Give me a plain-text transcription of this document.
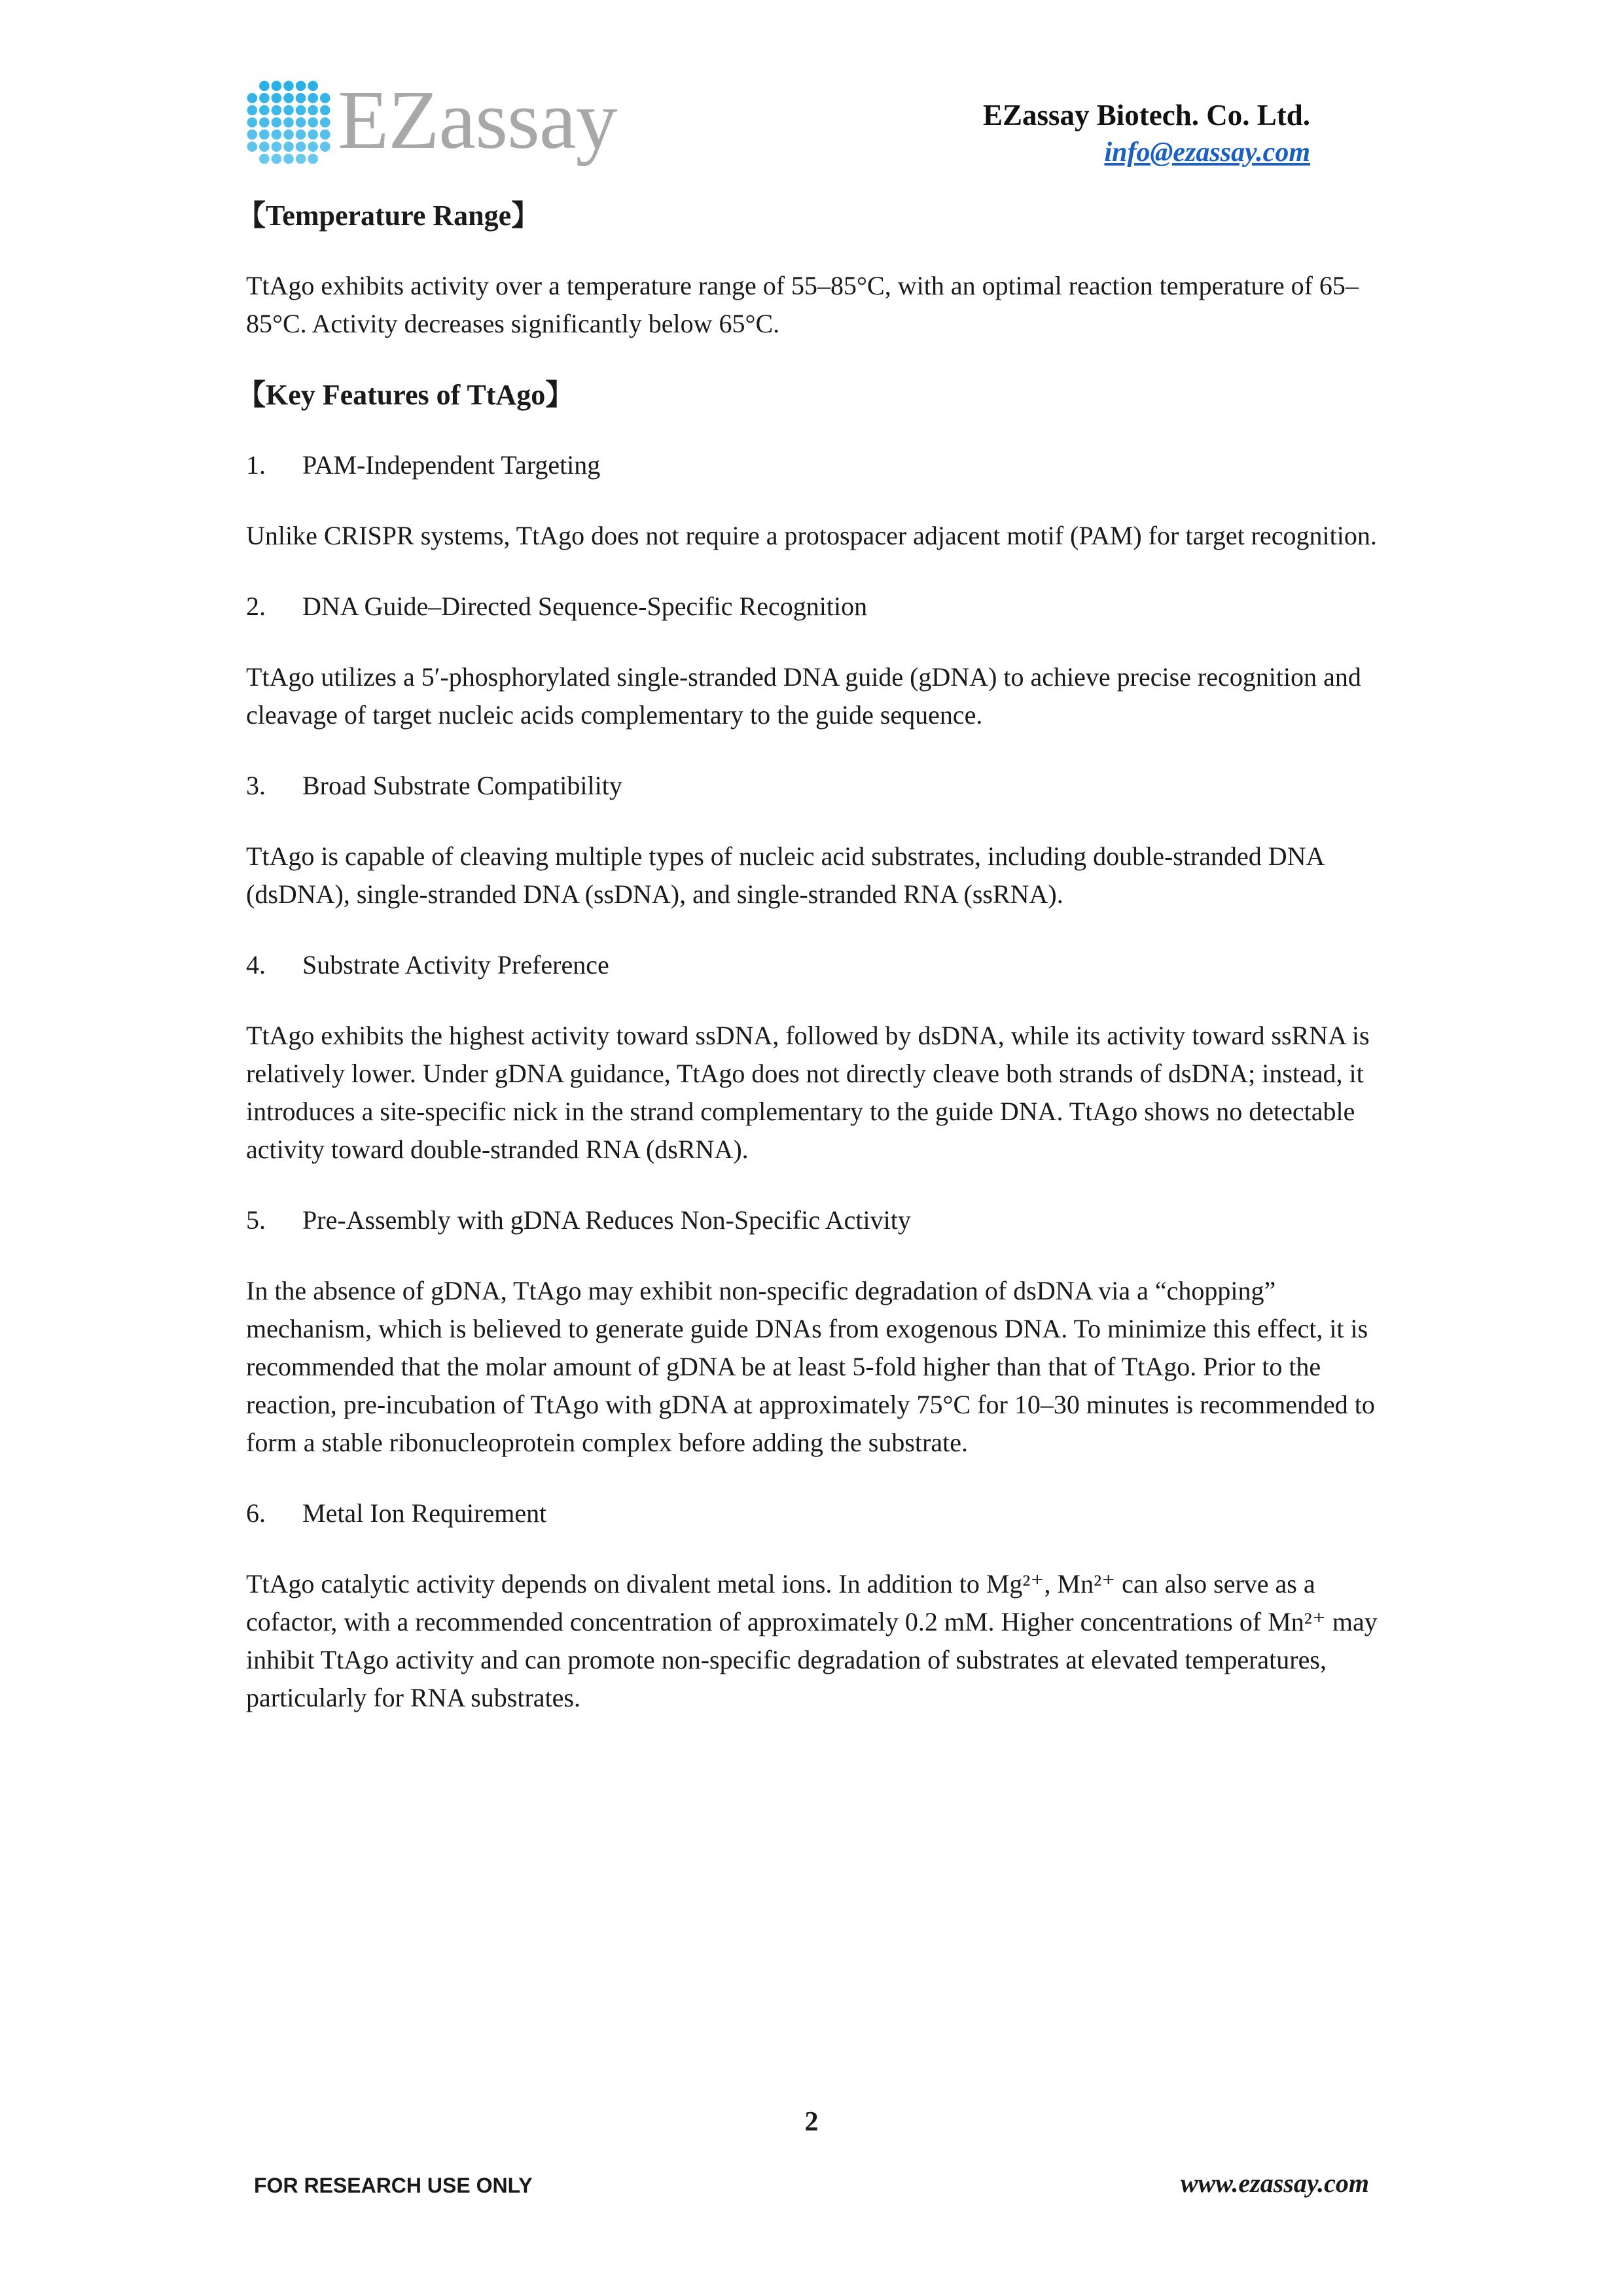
EZassay	EZassay Biotech. Co. Ltd.
info@ezassay.com
【Temperature Range】
TtAgo exhibits activity over a temperature range of 55–85°C, with an optimal reaction temperature of 65–85°C. Activity decreases significantly below 65°C.
【Key Features of TtAgo】
1. PAM-Independent Targeting
Unlike CRISPR systems, TtAgo does not require a protospacer adjacent motif (PAM) for target recognition.
2. DNA Guide–Directed Sequence-Specific Recognition
TtAgo utilizes a 5′-phosphorylated single-stranded DNA guide (gDNA) to achieve precise recognition and cleavage of target nucleic acids complementary to the guide sequence.
3. Broad Substrate Compatibility
TtAgo is capable of cleaving multiple types of nucleic acid substrates, including double-stranded DNA (dsDNA), single-stranded DNA (ssDNA), and single-stranded RNA (ssRNA).
4. Substrate Activity Preference
TtAgo exhibits the highest activity toward ssDNA, followed by dsDNA, while its activity toward ssRNA is relatively lower. Under gDNA guidance, TtAgo does not directly cleave both strands of dsDNA; instead, it introduces a site-specific nick in the strand complementary to the guide DNA. TtAgo shows no detectable activity toward double-stranded RNA (dsRNA).
5. Pre-Assembly with gDNA Reduces Non-Specific Activity
In the absence of gDNA, TtAgo may exhibit non-specific degradation of dsDNA via a “chopping” mechanism, which is believed to generate guide DNAs from exogenous DNA. To minimize this effect, it is recommended that the molar amount of gDNA be at least 5-fold higher than that of TtAgo. Prior to the reaction, pre-incubation of TtAgo with gDNA at approximately 75°C for 10–30 minutes is recommended to form a stable ribonucleoprotein complex before adding the substrate.
6. Metal Ion Requirement
TtAgo catalytic activity depends on divalent metal ions. In addition to Mg²⁺, Mn²⁺ can also serve as a cofactor, with a recommended concentration of approximately 0.2 mM. Higher concentrations of Mn²⁺ may inhibit TtAgo activity and can promote non-specific degradation of substrates at elevated temperatures, particularly for RNA substrates.
2
FOR RESEARCH USE ONLY	www.ezassay.com
